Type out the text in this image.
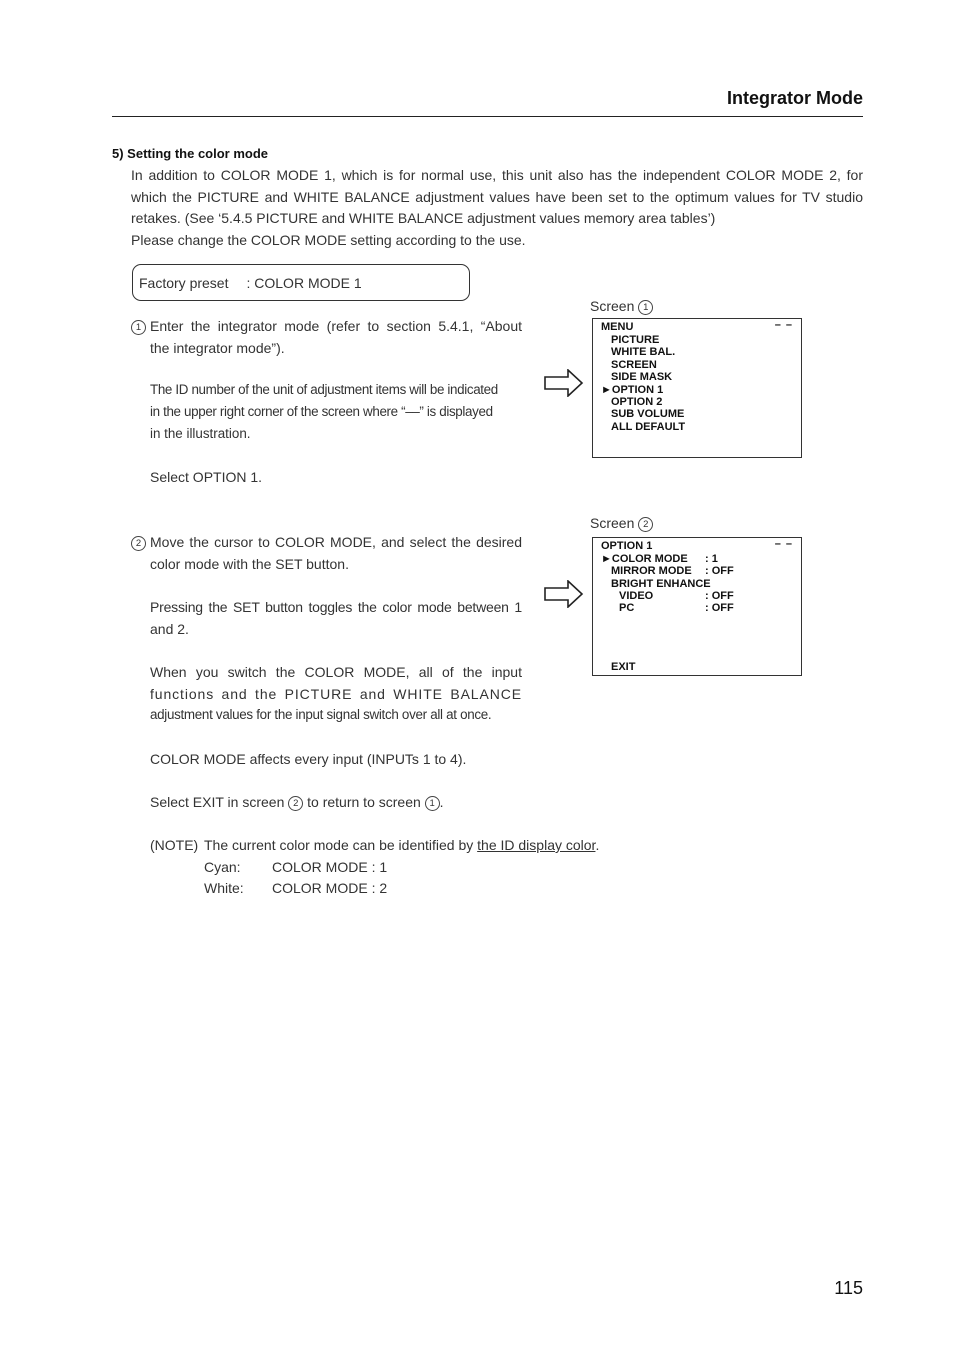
Integrator Mode
5) Setting the color mode
In addition to COLOR MODE 1, which is for normal use, this unit also has the independent COLOR MODE 2, for
which the PICTURE and WHITE BALANCE adjustment values have been set to the optimum values for TV studio
retakes. (See ‘5.4.5 PICTURE and WHITE BALANCE adjustment values memory area tables’)
Please change the COLOR MODE setting according to the use.
Factory preset : COLOR MODE 1
1 Enter the integrator mode (refer to section 5.4.1, “About
the integrator mode”).
The ID number of the unit of adjustment items will be indicated
in the upper right corner of the screen where “––” is displayed
in the illustration.
Select OPTION 1.
Screen 1
– –
MENU
PICTURE
WHITE BAL.
SCREEN
SIDE MASK
►OPTION 1
OPTION 2
SUB VOLUME
ALL DEFAULT
2 Move the cursor to COLOR MODE, and select the desired
color mode with the SET button.
Pressing the SET button toggles the color mode between 1
and 2.
When you switch the COLOR MODE, all of the input
functions and the PICTURE and WHITE BALANCE
adjustment values for the input signal switch over all at once.
COLOR MODE affects every input (INPUTs 1 to 4).
Select EXIT in screen 2 to return to screen 1 .
Screen 2
– –
OPTION 1
►COLOR MODE : 1
MIRROR MODE : OFF
BRIGHT ENHANCE
VIDEO	: OFF
PC	: OFF
EXIT
(NOTE) The current color mode can be identified by the ID display color.
Cyan: COLOR MODE : 1
White: COLOR MODE : 2
115
